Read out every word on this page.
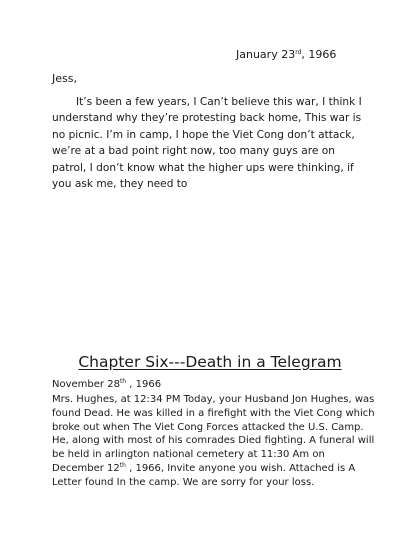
January 23rd, 1966
Jess,

It’s been a few years, I Can’t believe this war, I think I understand why they’re protesting back home, This war is no picnic. I’m in camp, I hope the Viet Cong don’t attack, we’re at a bad point right now, too many guys are on patrol, I don’t know what the higher ups were thinking, if you ask me, they need to

Chapter Six---Death in a Telegram
November 28th , 1966

Mrs. Hughes, at 12:34 PM Today, your Husband Jon Hughes, was found Dead. He was killed in a firefight with the Viet Cong which broke out when The Viet Cong Forces attacked the U.S. Camp. He, along with most of his comrades Died fighting. A funeral will be held in arlington national cemetery at 11:30 Am on December 12th , 1966, Invite anyone you wish. Attached is A Letter found In the camp. We are sorry for your loss.
